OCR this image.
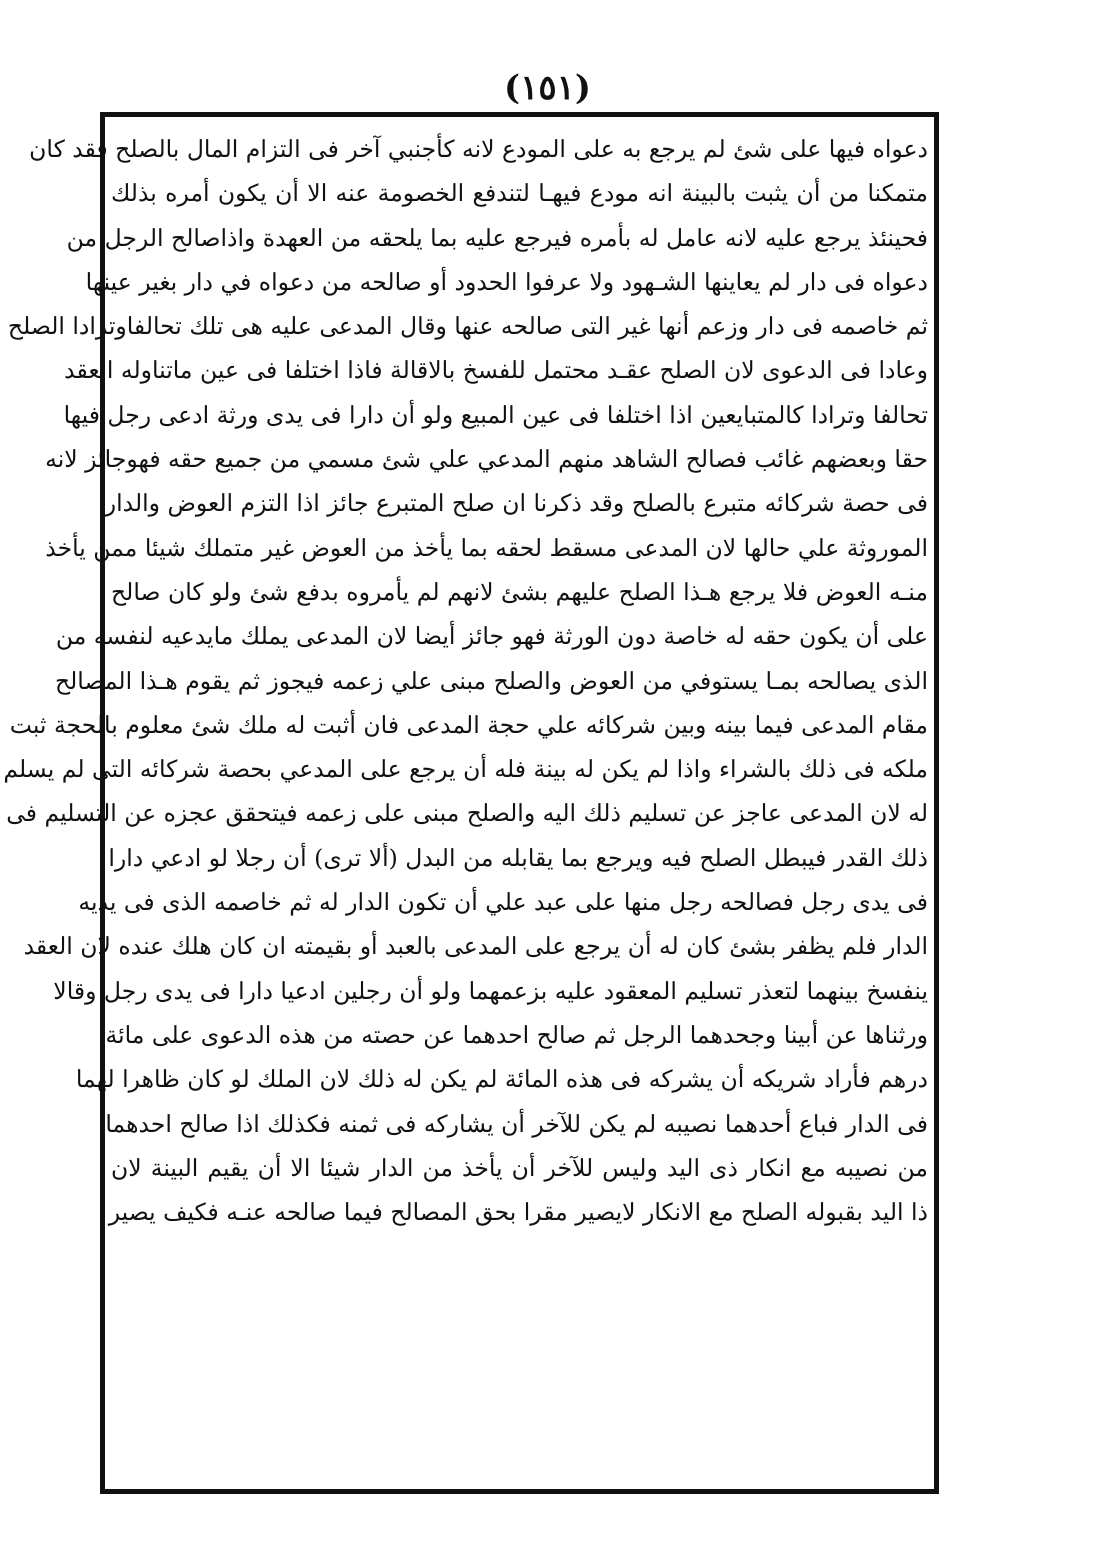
(١٥١)
دعواه فيها على شئ لم يرجع به على المودع لانه كأجنبي آخر فى التزام المال بالصلح فقد كان
متمكنا من أن يثبت بالبينة انه مودع فيهـا لتندفع الخصومة عنه الا أن يكون أمره بذلك
فحينئذ يرجع عليه لانه عامل له بأمره فيرجع عليه بما يلحقه من العهدة واذاصالح الرجل من
دعواه فى دار لم يعاينها الشـهود ولا عرفوا الحدود أو صالحه من دعواه في دار بغير عينها
ثم خاصمه فى دار وزعم أنها غير التى صالحه عنها وقال المدعى عليه هى تلك تحالفاوترادا الصلح
وعادا فى الدعوى لان الصلح عقـد محتمل للفسخ بالاقالة فاذا اختلفا فى عين ماتناوله العقد
تحالفا وترادا كالمتبايعين اذا اختلفا فى عين المبيع ولو أن دارا فى يدى ورثة ادعى رجل فيها
حقا وبعضهم غائب فصالح الشاهد منهم المدعي علي شئ مسمي من جميع حقه فهوجائز لانه
فى حصة شركائه متبرع بالصلح وقد ذكرنا ان صلح المتبرع جائز اذا التزم العوض والدار
الموروثة علي حالها لان المدعى مسقط لحقه بما يأخذ من العوض غير متملك شيئا ممن يأخذ
منـه العوض فلا يرجع هـذا الصلح عليهم بشئ لانهم لم يأمروه بدفع شئ ولو كان صالح
على أن يكون حقه له خاصة دون الورثة فهو جائز أيضا لان المدعى يملك مايدعيه لنفسه من
الذى يصالحه بمـا يستوفي من العوض والصلح مبنى علي زعمه فيجوز ثم يقوم هـذا المصالح
مقام المدعى فيما بينه وبين شركائه علي حجة المدعى فان أثبت له ملك شئ معلوم بالحجة ثبت
ملكه فى ذلك بالشراء واذا لم يكن له بينة فله أن يرجع على المدعي بحصة شركائه التى لم يسلم
له لان المدعى عاجز عن تسليم ذلك اليه والصلح مبنى على زعمه فيتحقق عجزه عن التسليم فى
ذلك القدر فيبطل الصلح فيه ويرجع بما يقابله من البدل (ألا ترى) أن رجلا لو ادعي دارا
فى يدى رجل فصالحه رجل منها على عبد علي أن تكون الدار له ثم خاصمه الذى فى يديه
الدار فلم يظفر بشئ كان له أن يرجع على المدعى بالعبد أو بقيمته ان كان هلك عنده لان العقد
ينفسخ بينهما لتعذر تسليم المعقود عليه بزعمهما ولو أن رجلين ادعيا دارا فى يدى رجل وقالا
ورثناها عن أبينا وجحدهما الرجل ثم صالح احدهما عن حصته من هذه الدعوى على مائة
درهم فأراد شريكه أن يشركه فى هذه المائة لم يكن له ذلك لان الملك لو كان ظاهرا لهما
فى الدار فباع أحدهما نصيبه لم يكن للآخر أن يشاركه فى ثمنه فكذلك اذا صالح احدهما
من نصيبه مع انكار ذى اليد وليس للآخر أن يأخذ من الدار شيئا الا أن يقيم البينة لان
ذا اليد بقبوله الصلح مع الانكار لايصير مقرا بحق المصالح فيما صالحه عنـه فكيف يصير
